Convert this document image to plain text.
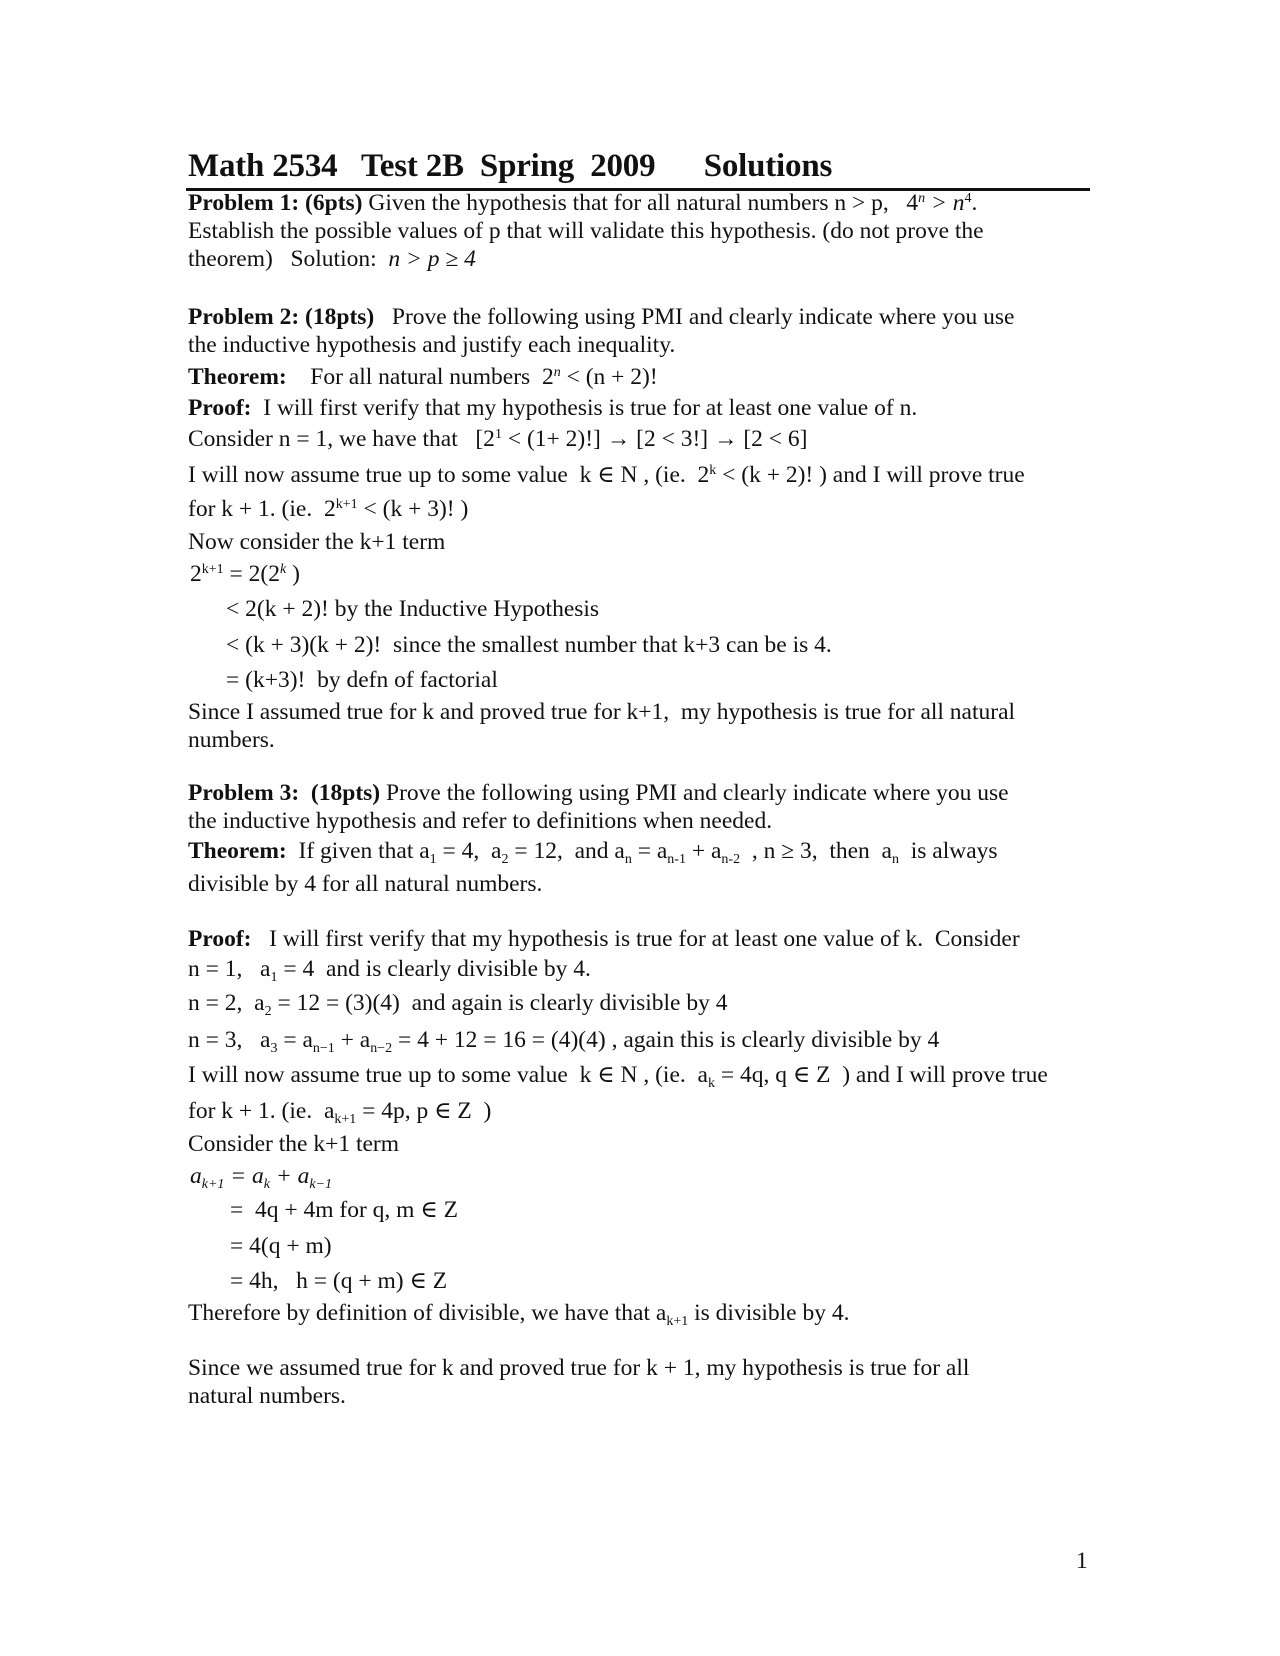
Math 2534   Test 2B  Spring  2009      Solutions
Problem 1: (6pts) Given the hypothesis that for all natural numbers n > p,   $4^n > n^4$.
Establish the possible values of p that will validate this hypothesis. (do not prove the
theorem)   Solution:  n > p ≥ 4
Problem 2: (18pts)   Prove the following using PMI and clearly indicate where you use
the inductive hypothesis and justify each inequality.
Theorem:    For all natural numbers  $2^n < (n + 2)$!
Proof:  I will first verify that my hypothesis is true for at least one value of n.
Consider n = 1, we have that   $[2^1 < (1+ 2)!] \to [2 < 3!] \to [2 < 6]$
I will now assume true up to some value  k ∈ N , (ie.  $2^k < (k + 2)$! ) and I will prove true
for k + 1. (ie.  $2^{k+1} < (k + 3)$! )
Now consider the k+1 term
$2^{k+1} = 2(2^k$ )
< 2(k + 2)! by the Inductive Hypothesis
< (k + 3)(k + 2)!  since the smallest number that k+3 can be is 4.
= (k+3)!  by defn of factorial
Since I assumed true for k and proved true for k+1,  my hypothesis is true for all natural
numbers.
Problem 3: (18pts) Prove the following using PMI and clearly indicate where you use
the inductive hypothesis and refer to definitions when needed.
Theorem:  If given that $a_1 = 4$,  $a_2 = 12$,  and $a_n = a_{n-1} + a_{n-2}$  , n ≥ 3,  then  $a_n$  is always
divisible by 4 for all natural numbers.
Proof:   I will first verify that my hypothesis is true for at least one value of k.  Consider
n = 1,   $a_1 = 4$  and is clearly divisible by 4.
n = 2,  $a_2 = 12 = (3)(4)$  and again is clearly divisible by 4
n = 3,   $a_3 = a_{n-1} + a_{n-2} = 4 + 12 = 16 = (4)(4)$ , again this is clearly divisible by 4
I will now assume true up to some value  k ∈ N , (ie.  $a_k = 4q$, q ∈ Z  ) and I will prove true
for k + 1. (ie.  $a_{k+1} = 4p$, p ∈ Z  )
Consider the k+1 term
$a_{k+1} = a_k + a_{k-1}$
=  4q + 4m for q, m ∈ Z
= 4(q + m)
= 4h,   h = (q + m) ∈ Z
Therefore by definition of divisible, we have that $a_{k+1}$ is divisible by 4.
Since we assumed true for k and proved true for k + 1, my hypothesis is true for all
natural numbers.
1
